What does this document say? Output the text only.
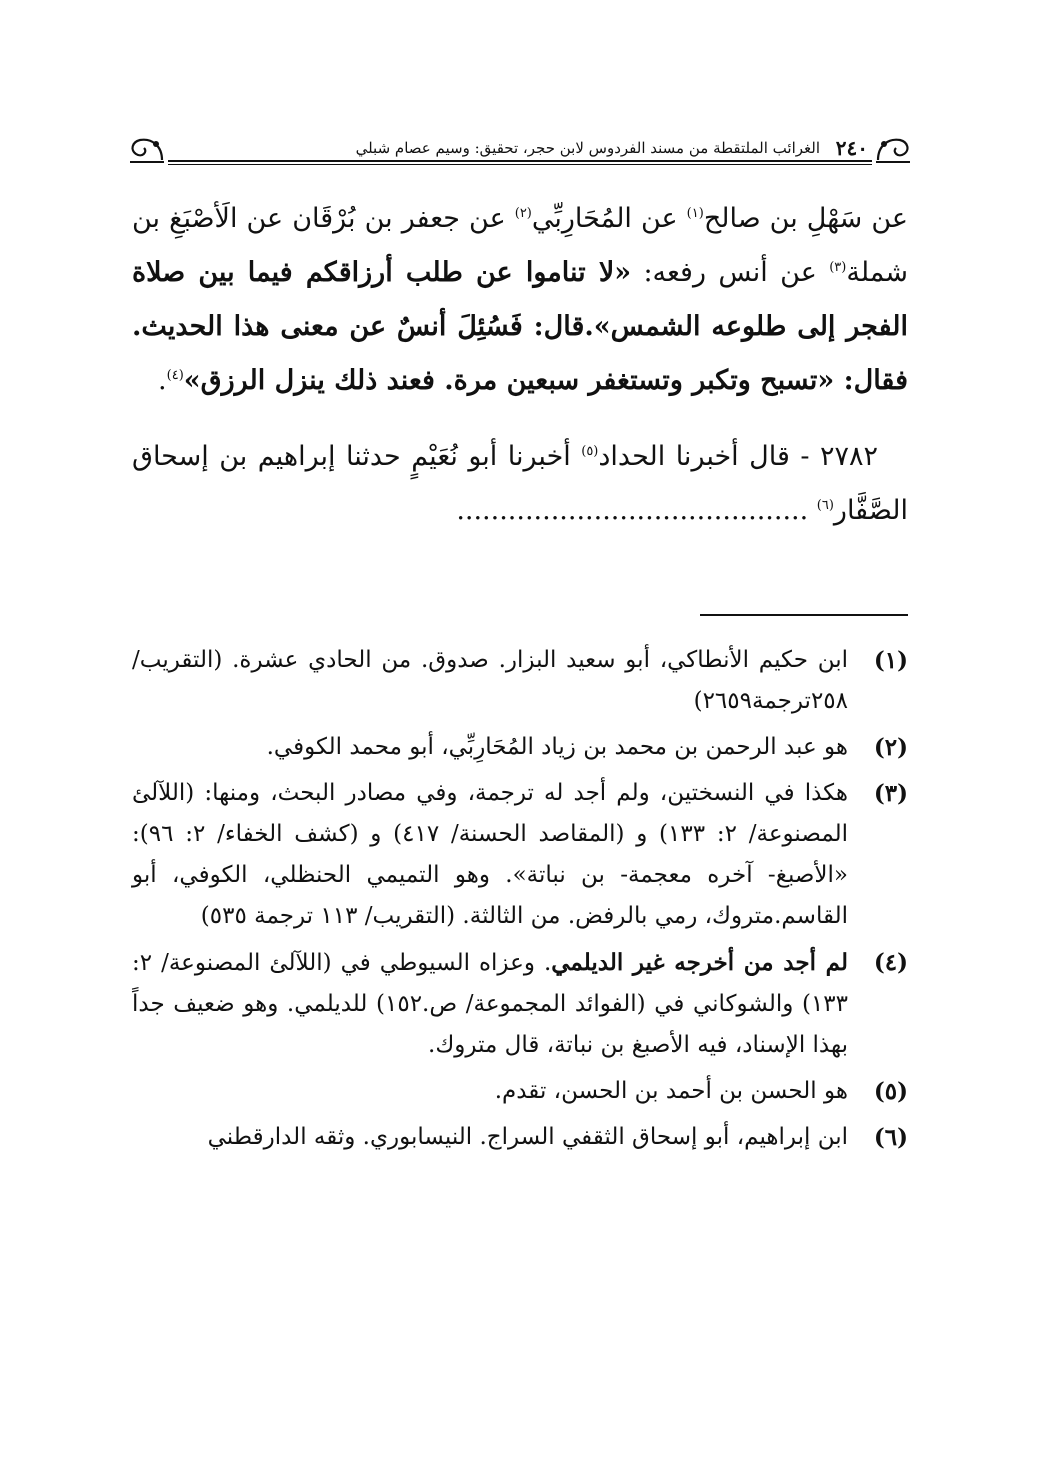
٢٤٠
الغرائب الملتقطة من مسند الفردوس لابن حجر، تحقيق: وسيم عصام شبلي

عن سَهْلِ بن صالح$^{(١)}$ عن المُحَارِبِّي$^{(٢)}$ عن جعفر بن بُرْقَان عن الَأصْبَغِ بن شملة$^{(٣)}$ عن أنس رفعه: «لا تناموا عن طلب أرزاقكم فيما بين صلاة الفجر إلى طلوعه الشمس».قال: فَسُئِلَ أنسٌ عن معنى هذا الحديث. فقال: «تسبح وتكبر وتستغفر سبعين مرة. فعند ذلك ينزل الرزق»$^{(٤)}$.

٢٧٨٢ - قال أخبرنا الحداد$^{(٥)}$ أخبرنا أبو نُعَيْمٍ حدثنا إبراهيم بن إسحاق الصَّفَّار$^{(٦)}$ .........................................

(١)
ابن حكيم الأنطاكي، أبو سعيد البزار. صدوق. من الحادي عشرة. (التقريب/ ٢٥٨ترجمة٢٦٥٩)
(٢)
هو عبد الرحمن بن محمد بن زياد المُحَارِبِّي، أبو محمد الكوفي.
(٣)
هكذا في النسختين، ولم أجد له ترجمة، وفي مصادر البحث، ومنها: (اللآلئ المصنوعة/ ٢: ١٣٣) و (المقاصد الحسنة/ ٤١٧) و (كشف الخفاء/ ٢: ٩٦): «الأصبغ- آخره معجمة- بن نباتة». وهو التميمي الحنظلي، الكوفي، أبو القاسم.متروك، رمي بالرفض. من الثالثة. (التقريب/ ١١٣ ترجمة ٥٣٥)
(٤)
لم أجد من أخرجه غير الديلمي. وعزاه السيوطي في (اللآلئ المصنوعة/ ٢: ١٣٣) والشوكاني في (الفوائد المجموعة/ ص.١٥٢) للديلمي. وهو ضعيف جداً بهذا الإسناد، فيه الأصبغ بن نباتة، قال متروك.
(٥)
هو الحسن بن أحمد بن الحسن، تقدم.
(٦)
ابن إبراهيم، أبو إسحاق الثقفي السراج. النيسابوري. وثقه الدارقطني
